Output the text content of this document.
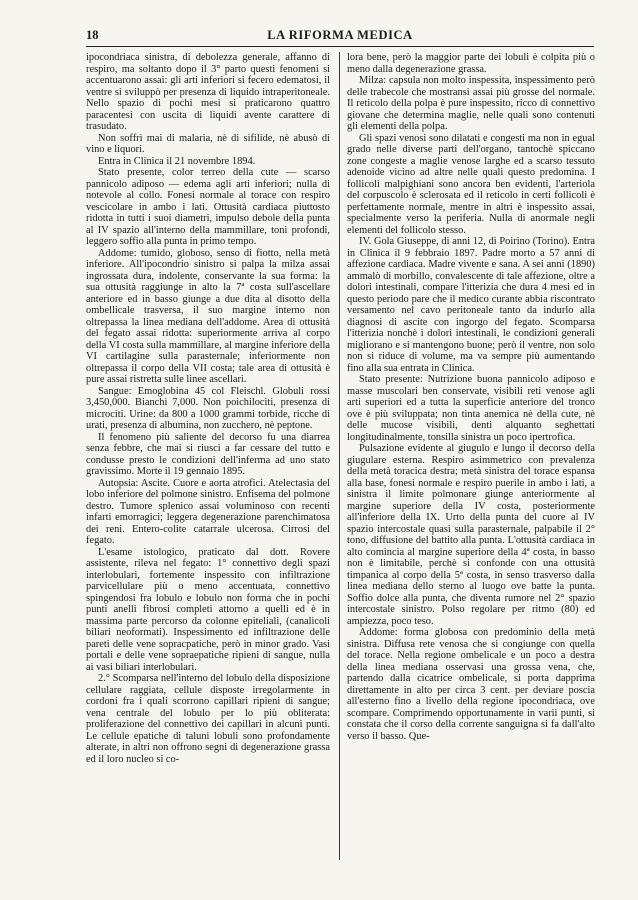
18	LA RIFORMA MEDICA

ipocondriaca sinistra, di debolezza generale, affanno di respiro, ma soltanto dopo il 3° parto questi fenomeni si accentuarono assai: gli arti inferiori si fecero edematosi, il ventre si sviluppò per presenza di liquido intraperitoneale. Nello spazio di pochi mesi si praticarono quattro paracentesi con uscita di liquidi avente carattere di trasudato.

Non soffrì mai di malaria, nè di sifilide, nè abusò di vino e liquori.

Entra in Clinica il 21 novembre 1894.

Stato presente, color terreo della cute — scarso pannicolo adiposo — edema agli arti inferiori; nulla di notevole al collo. Fonesi normale al torace con respiro vescicolare in ambo i lati. Ottusità cardiaca piuttosto ridotta in tutti i suoi diametri, impulso debole della punta al IV spazio all'interno della mammillare, toni profondi, leggero soffio alla punta in primo tempo.

Addome: tumido, globoso, senso di fiotto, nella metà inferiore. All'ipocondrio sinistro si palpa la milza assai ingrossata dura, indolente, conservante la sua forma: la sua ottusità raggiunge in alto la 7ª costa sull'ascellare anteriore ed in basso giunge a due dita al disotto della ombellicale trasversa, il suo margine interno non oltrepassa la linea mediana dell'addome. Area di ottusità del fegato assai ridotta: superiormente arriva al corpo della VI costa sulla mammillare, al margine inferiore della VI cartilagine sulla parasternale; inferiormente non oltrepassa il corpo della VII costa; tale area di ottusità è pure assai ristretta sulle linee ascellari.

Sangue: Emoglobina 45 col Fleischl. Globuli rossi 3,450,000. Bianchi 7,000. Non poichilociti, presenza di microciti. Urine: da 800 a 1000 grammi torbide, ricche di urati, presenza di albumina, non zucchero, nè peptone.

Il fenomeno più saliente del decorso fu una diarrea senza febbre, che mai si riuscì a far cessare del tutto e condusse presto le condizioni dell'inferma ad uno stato gravissimo. Morte il 19 gennaio 1895.

Autopsia: Ascite. Cuore e aorta atrofici. Atelectasia del lobo inferiore del polmone sinistro. Enfisema del polmone destro. Tumore splenico assai voluminoso con recenti infarti emorragici; leggera degenerazione parenchimatosa dei reni. Entero-colite catarrale ulcerosa. Cirrosi del fegato.

L'esame istologico, praticato dal dott. Rovere assistente, rileva nel fegato: 1° connettivo degli spazi interlobulari, fortemente inspessito con infiltrazione parvicellulare più o meno accentuata, connettivo spingendosi fra lobulo e lobulo non forma che in pochi punti anelli fibrosi completi attorno a quelli ed è in massima parte percorso da colonne epiteliali, (canalicoli biliari neoformati). Inspessimento ed infiltrazione delle pareti delle vene sopracpatiche, però in minor grado. Vasi portali e delle vene sopraepatiche ripieni di sangue, nulla ai vasi biliari interlobulari.

2.° Scomparsa nell'interno del lobulo della disposizione cellulare raggiata, cellule disposte irregolarmente in cordoni fra i quali scorrono capillari ripieni di sangue; vena centrale del lobulo per lo più obliterata: proliferazione del connettivo dei capillari in alcuni punti. Le cellule epatiche di taluni lobuli sono profondamente alterate, in altri non offrono segni di degenerazione grassa ed il loro nucleo si co-

lora bene, però la maggior parte dei lobuli è colpita più o meno dalla degenerazione grassa.

Milza: capsula non molto inspessita, inspessimento però delle trabecole che mostransi assai più grosse del normale. Il reticolo della polpa è pure inspessito, ricco di connettivo giovane che determina maglie, nelle quali sono contenuti gli elementi della polpa.

Gli spazi venosi sono dilatati e congesti ma non in egual grado nelle diverse parti dell'organo, tantochè spiccano zone congeste a maglie venose larghe ed a scarso tessuto adenoide vicino ad altre nelle quali questo predomina. I follicoli malpighiani sono ancora ben evidenti, l'arteriola del corpuscolo è sclerosata ed il reticolo in certi follicoli è perfettamente normale, mentre in altri è inspessito assai, specialmente verso la periferia. Nulla di anormale negli elementi del follicolo stesso.

IV. Gola Giuseppe, di anni 12, di Poirino (Torino). Entra in Clinica il 9 febbraio 1897. Padre morto a 57 anni di affezione cardiaca. Madre vivente e sana. A sei anni (1890) ammalò di morbillo, convalescente di tale affezione, oltre a dolori intestinali, compare l'itterizia che dura 4 mesi ed in questo periodo pare che il medico curante abbia riscontrato versamento nel cavo peritoneale tanto da indurlo alla diagnosi di ascite con ingorgo del fegato. Scomparsa l'itterizia nonchè i dolori intestinali, le condizioni generali migliorano e si mantengono buone; però il ventre, non solo non si riduce di volume, ma va sempre più aumentando fino alla sua entrata in Clinica.

Stato presente: Nutrizione buona pannicolo adiposo e masse muscolari ben conservate, visibili reti venose agli arti superiori ed a tutta la superficie anteriore del tronco ove è più sviluppata; non tinta anemica nè della cute, nè delle mucose visibili, denti alquanto seghettati longitudinalmente, tonsilla sinistra un poco ipertrofica.

Pulsazione evidente al giugulo e lungo il decorso della giugulare esterna. Respiro asimmetrico con prevalenza della metà toracica destra; metà sinistra del torace espansa alla base, fonesi normale e respiro puerile in ambo i lati, a sinistra il limite polmonare giunge anteriormente al margine superiore della IV costa, posteriormente all'inferiore della IX. Urto della punta del cuore al IV spazio intercostale quasi sulla parasternale, palpabile il 2° tono, diffusione del battito alla punta. L'ottusità cardiaca in alto comincia al margine superiore della 4ª costa, in basso non è limitabile, perchè si confonde con una ottusità timpanica al corpo della 5ª costa, in senso trasverso dalla linea mediana dello sterno al luogo ove batte la punta. Soffio dolce alla punta, che diventa rumore nel 2° spazio intercostale sinistro. Polso regolare per ritmo (80) ed ampiezza, poco teso.

Addome: forma globosa con predominio della metà sinistra. Diffusa rete venosa che si congiunge con quella del torace. Nella regione ombelicale e un poco a destra della linea mediana osservasi una grossa vena, che, partendo dalla cicatrice ombelicale, si porta dapprima direttamente in alto per circa 3 cent. per deviare poscia all'esterno fino a livello della regione ipocondriaca, ove scompare. Comprimendo opportunamente in varii punti, si constata che il corso della corrente sanguigna si fa dall'alto verso il basso. Que-
